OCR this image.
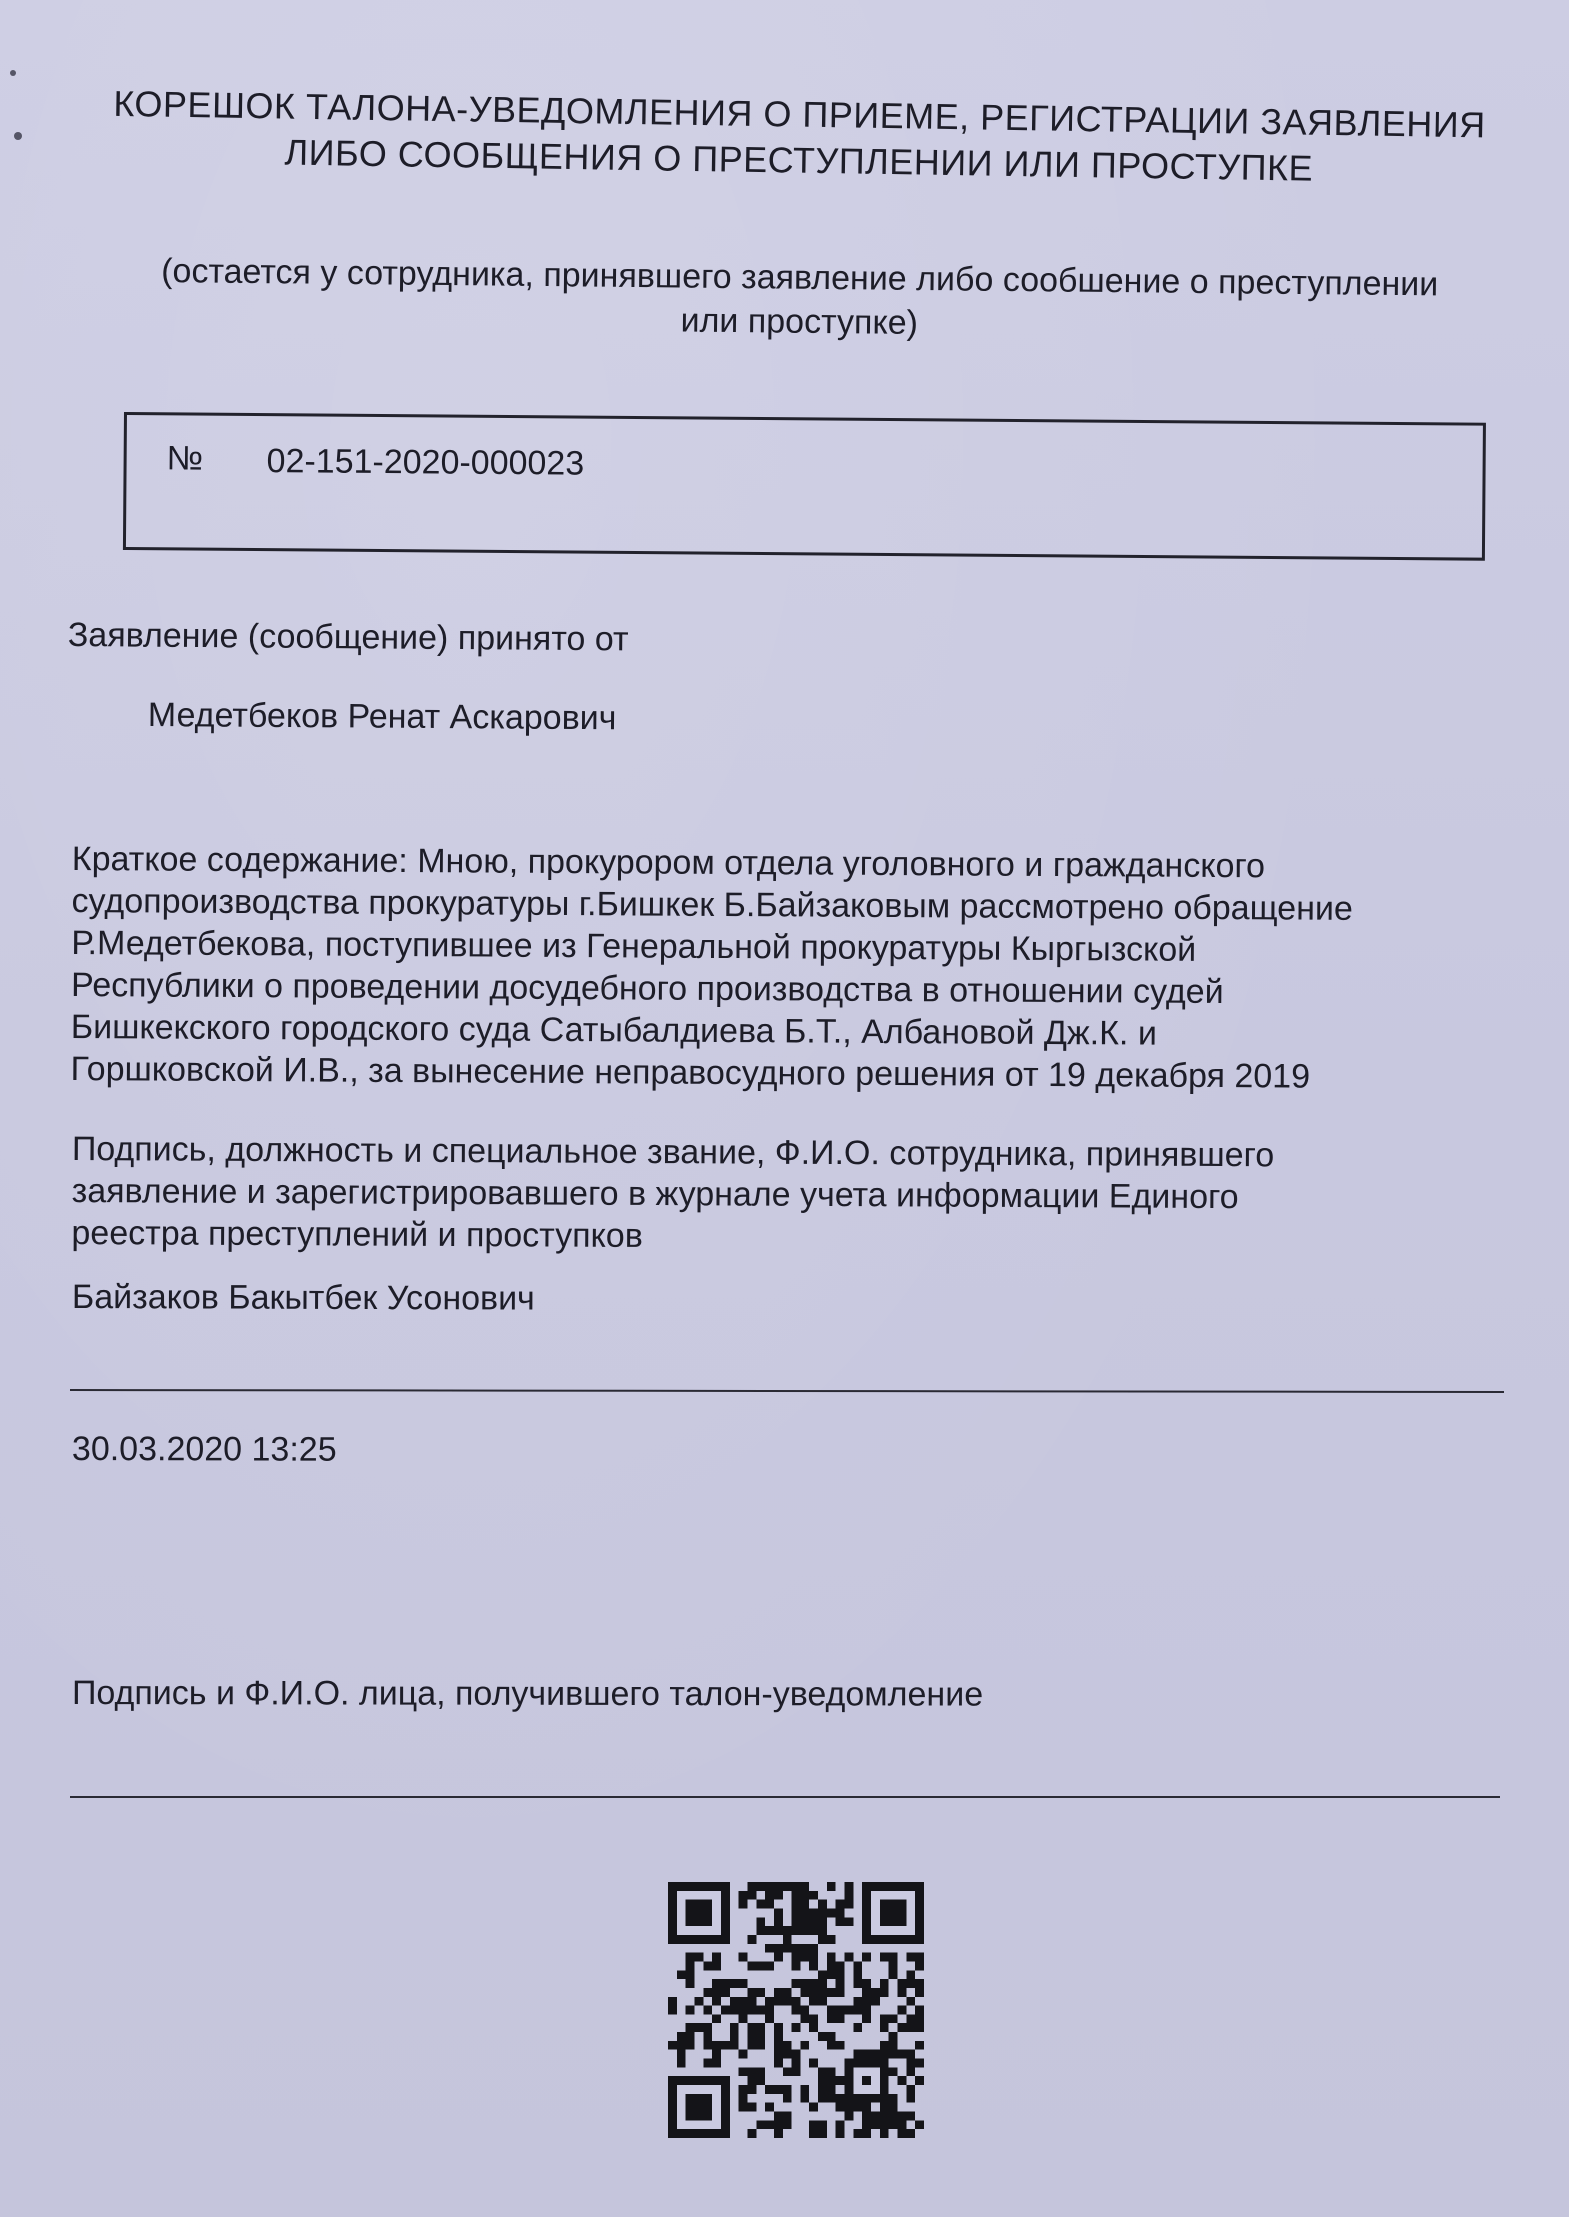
КОРЕШОК ТАЛОНА-УВЕДОМЛЕНИЯ О ПРИЕМЕ, РЕГИСТРАЦИИ ЗАЯВЛЕНИЯ
ЛИБО СООБЩЕНИЯ О ПРЕСТУПЛЕНИИ ИЛИ ПРОСТУПКЕ
(остается у сотрудника, принявшего заявление либо сообшение о преступлении
или проступке)
№ 02-151-2020-000023
Заявление (сообщение) принято от
Медетбеков Ренат Аскарович

Краткое содержание: Мною, прокурором отдела уголовного и гражданского

судопроизводства прокуратуры г.Бишкек Б.Байзаковым рассмотрено обращение

Р.Медетбекова, поступившее из Генеральной прокуратуры Кыргызской

Республики о проведении досудебного производства в отношении судей

Бишкекского городского суда Сатыбалдиева Б.Т., Албановой Дж.К. и

Горшковской И.В., за вынесение неправосудного решения от 19 декабря 2019

Подпись, должность и специальное звание, Ф.И.О. сотрудника, принявшего
заявление и зарегистрировавшего в журнале учета информации Единого
реестра преступлений и проступков
Байзаков Бакытбек Усонович
30.03.2020 13:25
Подпись и Ф.И.О. лица, получившего талон-уведомление
